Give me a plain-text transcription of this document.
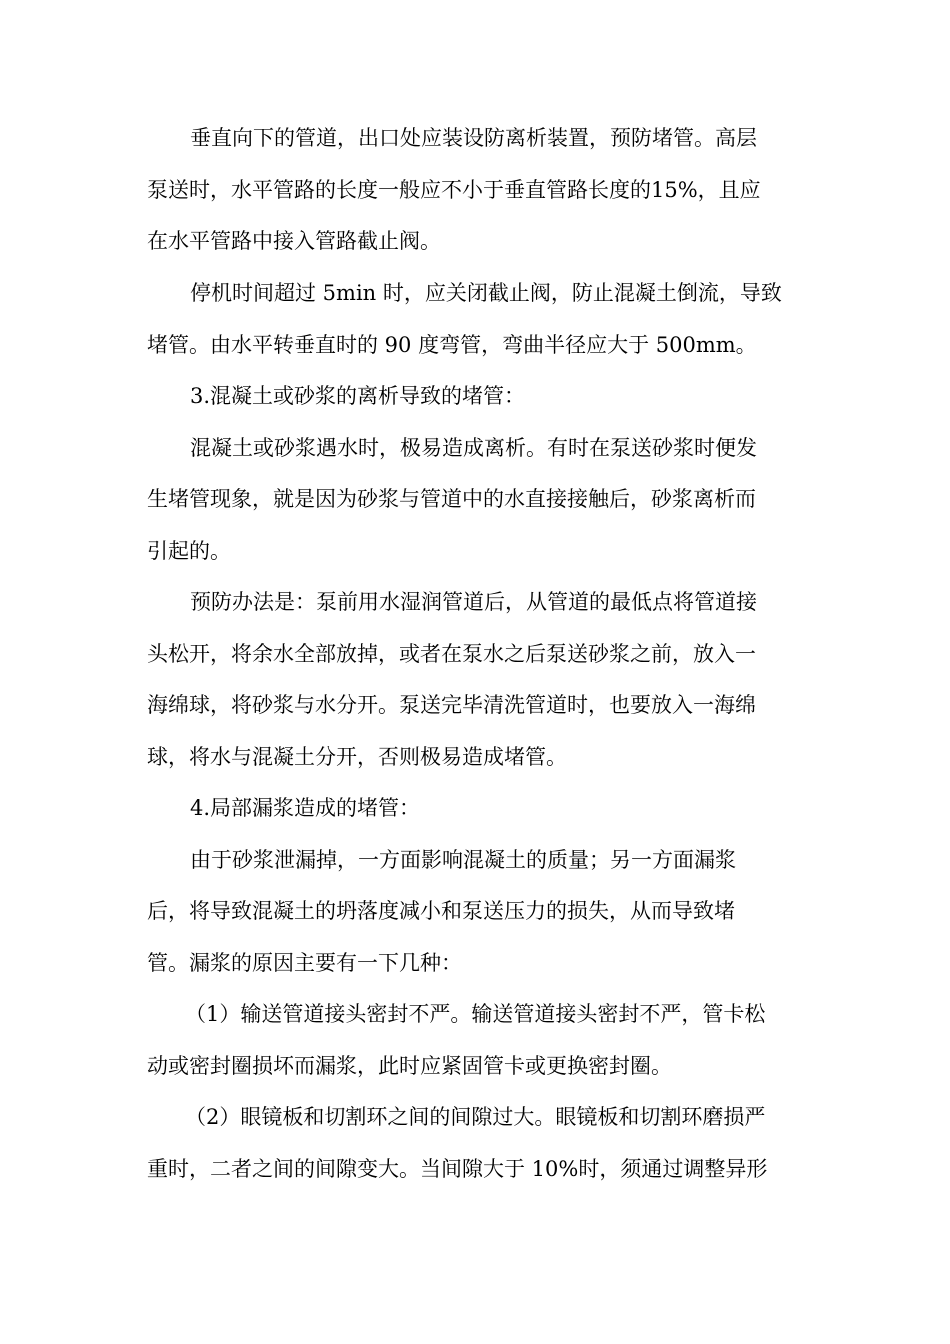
垂直向下的管道，出口处应装设防离析装置，预防堵管。高层
泵送时，水平管路的长度一般应不小于垂直管路长度的15%，且应
在水平管路中接入管路截止阀。
停机时间超过 5min 时，应关闭截止阀，防止混凝土倒流，导致
堵管。由水平转垂直时的 90 度弯管，弯曲半径应大于 500mm。
3.混凝土或砂浆的离析导致的堵管：
混凝土或砂浆遇水时，极易造成离析。有时在泵送砂浆时便发
生堵管现象，就是因为砂浆与管道中的水直接接触后，砂浆离析而
引起的。
预防办法是：泵前用水湿润管道后，从管道的最低点将管道接
头松开，将余水全部放掉，或者在泵水之后泵送砂浆之前，放入一
海绵球，将砂浆与水分开。泵送完毕清洗管道时，也要放入一海绵
球，将水与混凝土分开，否则极易造成堵管。
4.局部漏浆造成的堵管：
由于砂浆泄漏掉，一方面影响混凝土的质量；另一方面漏浆
后，将导致混凝土的坍落度减小和泵送压力的损失，从而导致堵
管。漏浆的原因主要有一下几种：
（1）输送管道接头密封不严。输送管道接头密封不严，管卡松
动或密封圈损坏而漏浆，此时应紧固管卡或更换密封圈。
（2）眼镜板和切割环之间的间隙过大。眼镜板和切割环磨损严
重时，二者之间的间隙变大。当间隙大于 10%时，须通过调整异形
